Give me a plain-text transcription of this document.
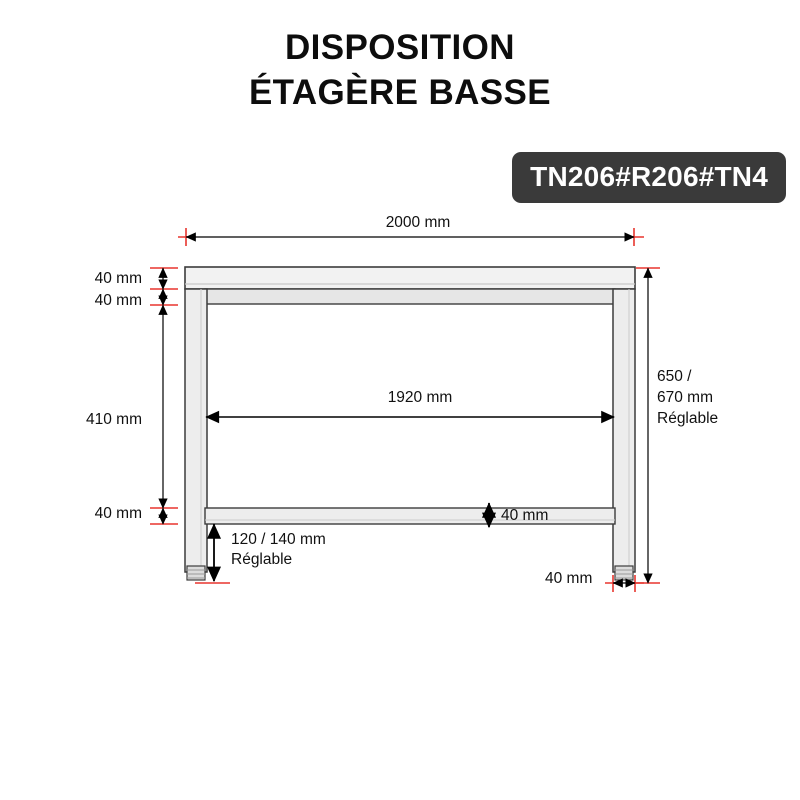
DISPOSITION
ÉTAGÈRE BASSE
TN206#R206#TN4
2000 mm
40 mm
40 mm
410 mm
40 mm
1920 mm
40 mm
120 / 140 mm
Réglable
650 /
670 mm
Réglable
40 mm
